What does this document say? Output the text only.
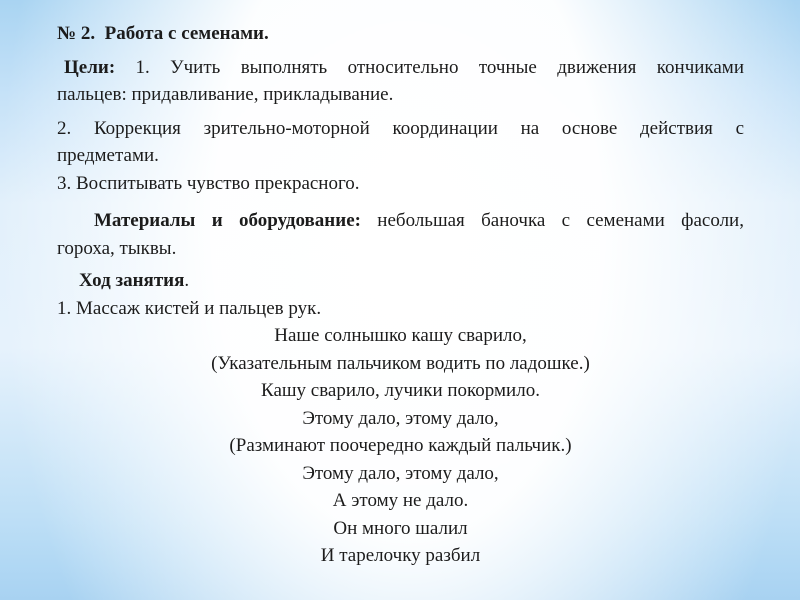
№ 2.  Работа с семенами.
Цели: 1. Учить выполнять относительно точные движения кончиками
пальцев: придавливание, прикладывание.
2. Коррекция зрительно-моторной координации на основе действия с
предметами.
3. Воспитывать чувство прекрасного.
Материалы и оборудование: небольшая баночка с семенами фасоли,
гороха, тыквы.
Ход занятия.
1. Массаж кистей и пальцев рук.
Наше солнышко кашу сварило,
(Указательным пальчиком водить по ладошке.)
Кашу сварило, лучики покормило.
Этому дало, этому дало,
(Разминают поочередно каждый пальчик.)
Этому дало, этому дало,
А этому не дало.
Он много шалил
И тарелочку разбил
